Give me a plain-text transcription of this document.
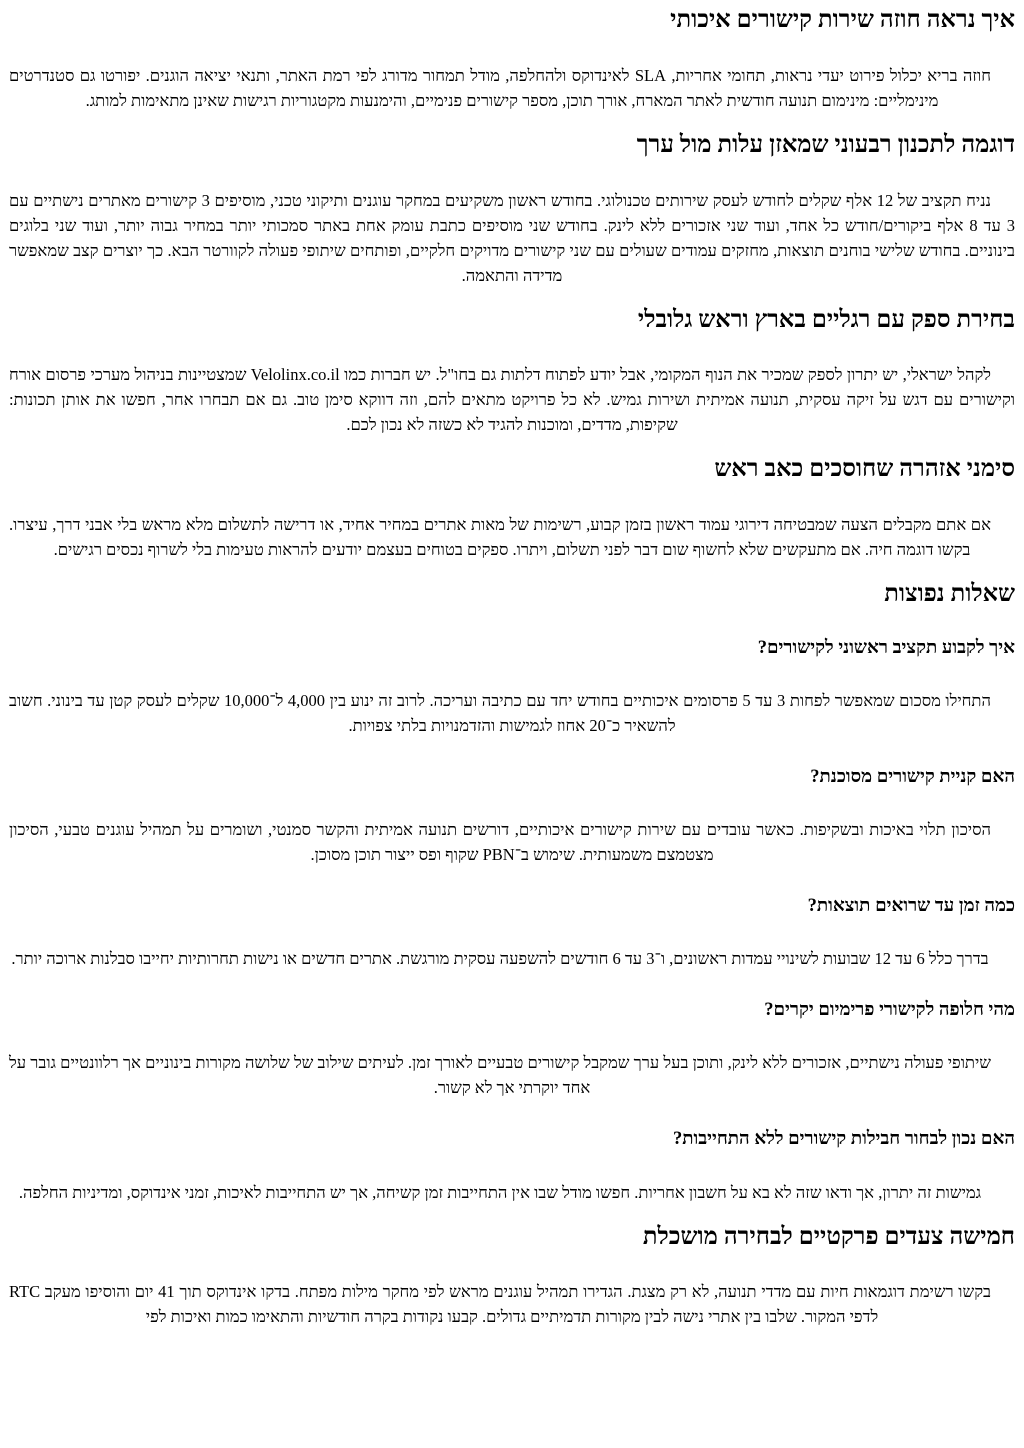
איך נראה חוזה שירות קישורים איכותי

חוזה בריא יכלול פירוט יעדי נראות, תחומי אחריות, SLA לאינדוקס ולהחלפה, מודל תמחור מדורג לפי רמת האתר, ותנאי יציאה הוגנים. יפורטו גם סטנדרטים מינימליים: מינימום תנועה חודשית לאתר המארח, אורך תוכן, מספר קישורים פנימיים, והימנעות מקטגוריות רגישות שאינן מתאימות למותג.

דוגמה לתכנון רבעוני שמאזן עלות מול ערך

נניח תקציב של 12 אלף שקלים לחודש לעסק שירותים טכנולוגי. בחודש ראשון משקיעים במחקר עוגנים ותיקוני טכני, מוסיפים 3 קישורים מאתרים נישתיים עם 3 עד 8 אלף ביקורים/חודש כל אחד, ועוד שני אזכורים ללא לינק. בחודש שני מוסיפים כתבת עומק אחת באתר סמכותי יותר במחיר גבוה יותר, ועוד שני בלוגים בינוניים. בחודש שלישי בוחנים תוצאות, מחזקים עמודים שעולים עם שני קישורים מדויקים חלקיים, ופותחים שיתופי פעולה לקוורטר הבא. כך יוצרים קצב שמאפשר מדידה והתאמה.

בחירת ספק עם רגליים בארץ וראש גלובלי

לקהל ישראלי, יש יתרון לספק שמכיר את הנוף המקומי, אבל יודע לפתוח דלתות גם בחו"ל. יש חברות כמו Velolinx.co.il שמצטיינות בניהול מערכי פרסום אורח וקישורים עם דגש על זיקה עסקית, תנועה אמיתית ושירות גמיש. לא כל פרויקט מתאים להם, וזה דווקא סימן טוב. גם אם תבחרו אחר, חפשו את אותן תכונות: שקיפות, מדדים, ומוכנות להגיד לא כשזה לא נכון לכם.

סימני אזהרה שחוסכים כאב ראש

אם אתם מקבלים הצעה שמבטיחה דירוגי עמוד ראשון בזמן קבוע, רשימות של מאות אתרים במחיר אחיד, או דרישה לתשלום מלא מראש בלי אבני דרך, עיצרו. בקשו דוגמה חיה. אם מתעקשים שלא לחשוף שום דבר לפני תשלום, ויתרו. ספקים בטוחים בעצמם יודעים להראות טעימות בלי לשרוף נכסים רגישים.

שאלות נפוצות
איך לקבוע תקציב ראשוני לקישורים?

התחילו מסכום שמאפשר לפחות 3 עד 5 פרסומים איכותיים בחודש יחד עם כתיבה ועריכה. לרוב זה ינוע בין 4,000 ל־10,000 שקלים לעסק קטן עד בינוני. חשוב להשאיר כ־20 אחוז לגמישות והזדמנויות בלתי צפויות.

האם קניית קישורים מסוכנת?

הסיכון תלוי באיכות ובשקיפות. כאשר עובדים עם שירות קישורים איכותיים, דורשים תנועה אמיתית והקשר סמנטי, ושומרים על תמהיל עוגנים טבעי, הסיכון מצטמצם משמעותית. שימוש ב־PBN שקוף ופס ייצור תוכן מסוכן.

כמה זמן עד שרואים תוצאות?

בדרך כלל 6 עד 12 שבועות לשינויי עמדות ראשונים, ו־3 עד 6 חודשים להשפעה עסקית מורגשת. אתרים חדשים או נישות תחרותיות יחייבו סבלנות ארוכה יותר.

מהי חלופה לקישורי פרימיום יקרים?

שיתופי פעולה נישתיים, אזכורים ללא לינק, ותוכן בעל ערך שמקבל קישורים טבעיים לאורך זמן. לעיתים שילוב של שלושה מקורות בינוניים אך רלוונטיים גובר על אחד יוקרתי אך לא קשור.

האם נכון לבחור חבילות קישורים ללא התחייבות?

גמישות זה יתרון, אך ודאו שזה לא בא על חשבון אחריות. חפשו מודל שבו אין התחייבות זמן קשיחה, אך יש התחייבות לאיכות, זמני אינדוקס, ומדיניות החלפה.

חמישה צעדים פרקטיים לבחירה מושכלת

בקשו רשימת דוגמאות חיות עם מדדי תנועה, לא רק מצגת. הגדירו תמהיל עוגנים מראש לפי מחקר מילות מפתח. בדקו אינדוקס תוך 41 יום והוסיפו מעקב RTC לדפי המקור. שלבו בין אתרי נישה לבין מקורות תדמיתיים גדולים. קבעו נקודות בקרה חודשיות והתאימו כמות ואיכות לפי
